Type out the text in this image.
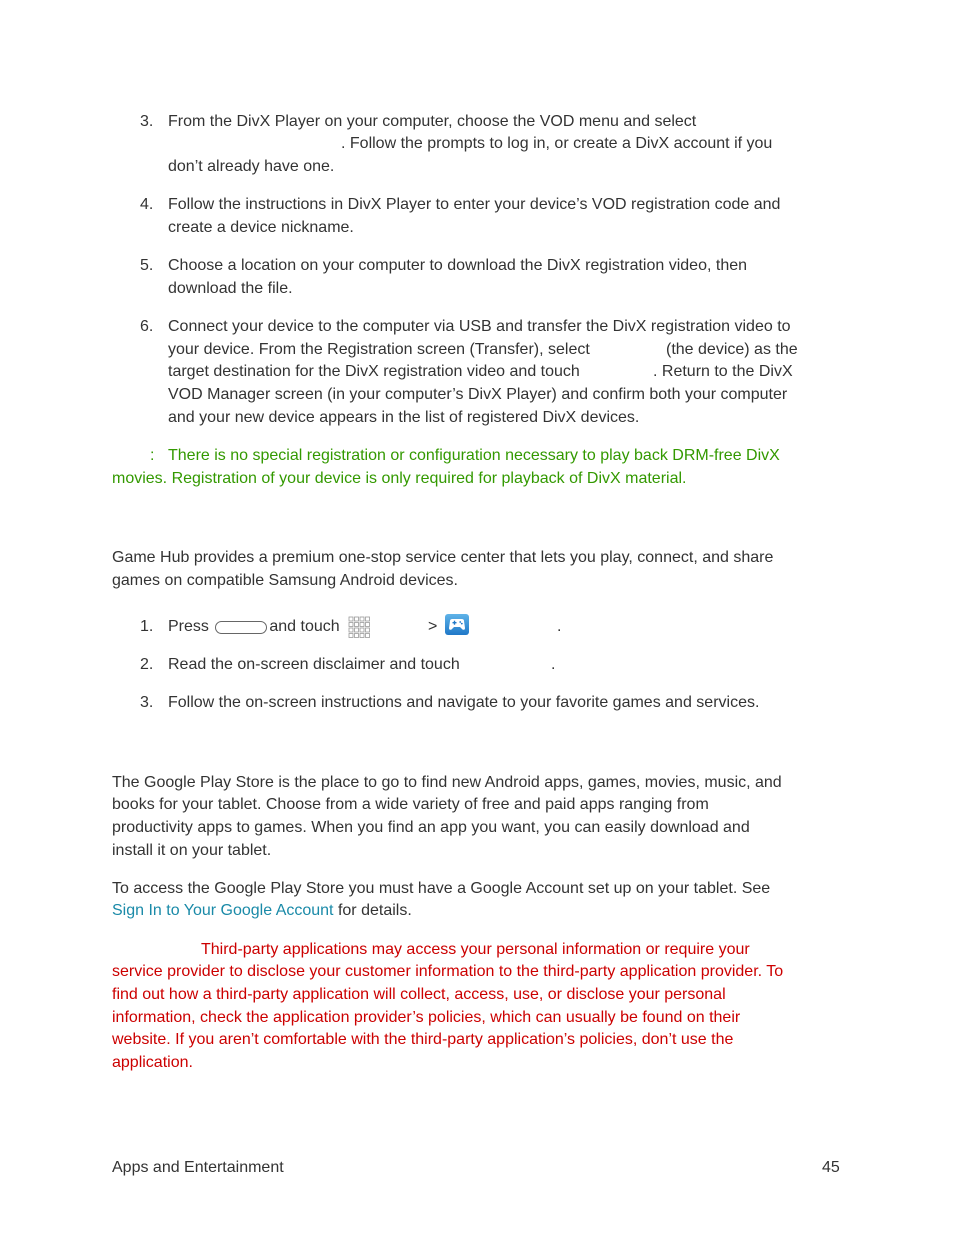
3. From the DivX Player on your computer, choose the VOD menu and select
. Follow the prompts to log in, or create a DivX account if you
don’t already have one.
4. Follow the instructions in DivX Player to enter your device’s VOD registration code and
create a device nickname.
5. Choose a location on your computer to download the DivX registration video, then
download the file.
6. Connect your device to the computer via USB and transfer the DivX registration video to
your device. From the Registration screen (Transfer), select	(the device) as the
target destination for the DivX registration video and touch	. Return to the DivX
VOD Manager screen (in your computer’s DivX Player) and confirm both your computer
and your new device appears in the list of registered DivX devices.
: There is no special registration or configuration necessary to play back DRM-free DivX
movies. Registration of your device is only required for playback of DivX material.
Game Hub provides a premium one-stop service center that lets you play, connect, and share
games on compatible Samsung Android devices.
1. Press	and touch	>	.
2. Read the on-screen disclaimer and touch	.
3. Follow the on-screen instructions and navigate to your favorite games and services.
The Google Play Store is the place to go to find new Android apps, games, movies, music, and
books for your tablet. Choose from a wide variety of free and paid apps ranging from
productivity apps to games. When you find an app you want, you can easily download and
install it on your tablet.
To access the Google Play Store you must have a Google Account set up on your tablet. See
Sign In to Your Google Account for details.
Third-party applications may access your personal information or require your
service provider to disclose your customer information to the third-party application provider. To
find out how a third-party application will collect, access, use, or disclose your personal
information, check the application provider’s policies, which can usually be found on their
website. If you aren’t comfortable with the third-party application’s policies, don’t use the
application.
Apps and Entertainment	45
